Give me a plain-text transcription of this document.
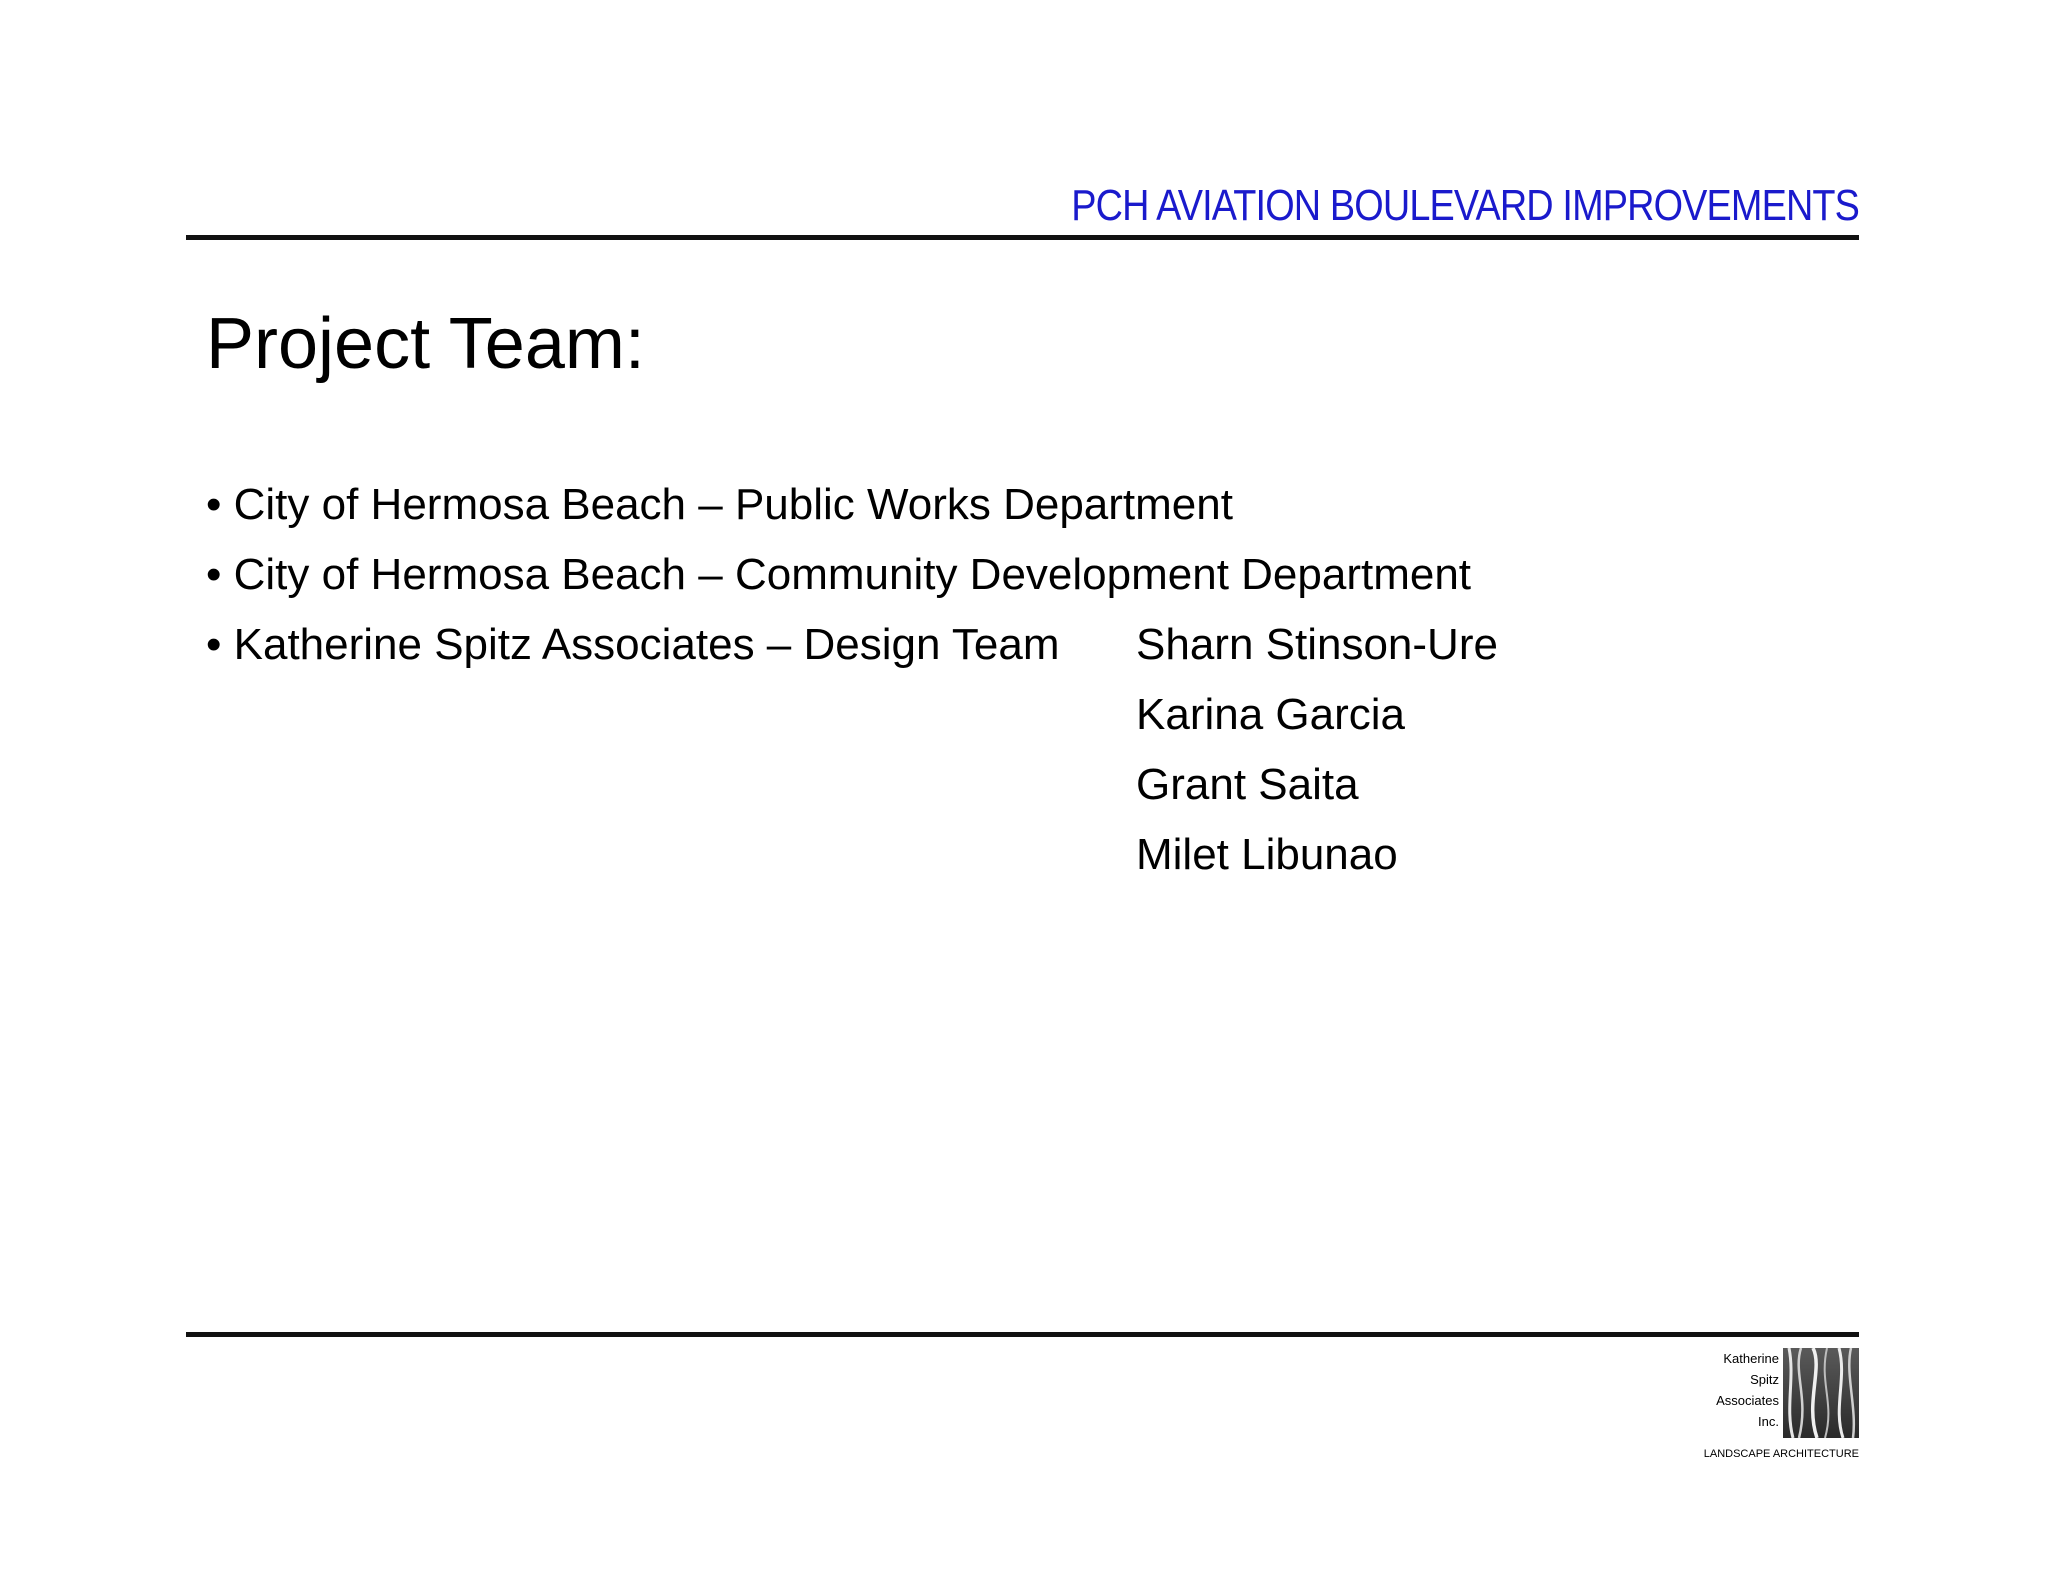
PCH AVIATION BOULEVARD IMPROVEMENTS
Project Team:
• City of Hermosa Beach – Public Works Department
• City of Hermosa Beach – Community Development Department
• Katherine Spitz Associates – Design Team	Sharn Stinson-Ure
Karina Garcia
Grant Saita
Milet Libunao
Katherine
Spitz
Associates
Inc.
LANDSCAPE ARCHITECTURE
